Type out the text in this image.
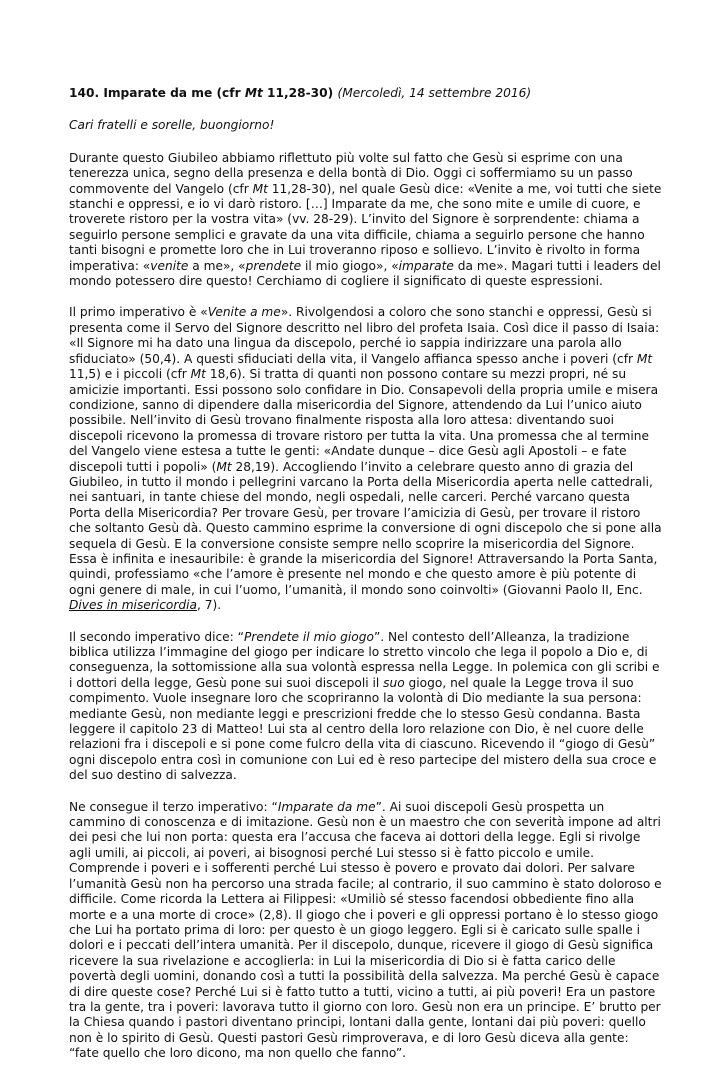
140. Imparate da me (cfr Mt 11,28-30) (Mercoledì, 14 settembre 2016)

Cari fratelli e sorelle, buongiorno!

Durante questo Giubileo abbiamo riflettuto più volte sul fatto che Gesù si esprime con una tenerezza unica, segno della presenza e della bontà di Dio. Oggi ci soffermiamo su un passo commovente del Vangelo (cfr Mt 11,28-30), nel quale Gesù dice: «Venite a me, voi tutti che siete stanchi e oppressi, e io vi darò ristoro. […] Imparate da me, che sono mite e umile di cuore, e troverete ristoro per la vostra vita» (vv. 28-29). L’invito del Signore è sorprendente: chiama a seguirlo persone semplici e gravate da una vita difficile, chiama a seguirlo persone che hanno tanti bisogni e promette loro che in Lui troveranno riposo e sollievo. L’invito è rivolto in forma imperativa: «venite a me», «prendete il mio giogo», «imparate da me». Magari tutti i leaders del mondo potessero dire questo! Cerchiamo di cogliere il significato di queste espressioni.

Il primo imperativo è «Venite a me». Rivolgendosi a coloro che sono stanchi e oppressi, Gesù si presenta come il Servo del Signore descritto nel libro del profeta Isaia. Così dice il passo di Isaia: «Il Signore mi ha dato una lingua da discepolo, perché io sappia indirizzare una parola allo sfiduciato» (50,4). A questi sfiduciati della vita, il Vangelo affianca spesso anche i poveri (cfr Mt 11,5) e i piccoli (cfr Mt 18,6). Si tratta di quanti non possono contare su mezzi propri, né su amicizie importanti. Essi possono solo confidare in Dio. Consapevoli della propria umile e misera condizione, sanno di dipendere dalla misericordia del Signore, attendendo da Lui l’unico aiuto possibile. Nell’invito di Gesù trovano finalmente risposta alla loro attesa: diventando suoi discepoli ricevono la promessa di trovare ristoro per tutta la vita. Una promessa che al termine del Vangelo viene estesa a tutte le genti: «Andate dunque – dice Gesù agli Apostoli – e fate discepoli tutti i popoli» (Mt 28,19). Accogliendo l’invito a celebrare questo anno di grazia del Giubileo, in tutto il mondo i pellegrini varcano la Porta della Misericordia aperta nelle cattedrali, nei santuari, in tante chiese del mondo, negli ospedali, nelle carceri. Perché varcano questa Porta della Misericordia? Per trovare Gesù, per trovare l’amicizia di Gesù, per trovare il ristoro che soltanto Gesù dà. Questo cammino esprime la conversione di ogni discepolo che si pone alla sequela di Gesù. E la conversione consiste sempre nello scoprire la misericordia del Signore. Essa è infinita e inesauribile: è grande la misericordia del Signore! Attraversando la Porta Santa, quindi, professiamo «che l’amore è presente nel mondo e che questo amore è più potente di ogni genere di male, in cui l’uomo, l’umanità, il mondo sono coinvolti» (Giovanni Paolo II, Enc. Dives in misericordia, 7).

Il secondo imperativo dice: “Prendete il mio giogo”. Nel contesto dell’Alleanza, la tradizione biblica utilizza l’immagine del giogo per indicare lo stretto vincolo che lega il popolo a Dio e, di conseguenza, la sottomissione alla sua volontà espressa nella Legge. In polemica con gli scribi e i dottori della legge, Gesù pone sui suoi discepoli il suo giogo, nel quale la Legge trova il suo compimento. Vuole insegnare loro che scopriranno la volontà di Dio mediante la sua persona: mediante Gesù, non mediante leggi e prescrizioni fredde che lo stesso Gesù condanna. Basta leggere il capitolo 23 di Matteo! Lui sta al centro della loro relazione con Dio, è nel cuore delle relazioni fra i discepoli e si pone come fulcro della vita di ciascuno. Ricevendo il “giogo di Gesù” ogni discepolo entra così in comunione con Lui ed è reso partecipe del mistero della sua croce e del suo destino di salvezza.

Ne consegue il terzo imperativo: “Imparate da me”. Ai suoi discepoli Gesù prospetta un cammino di conoscenza e di imitazione. Gesù non è un maestro che con severità impone ad altri dei pesi che lui non porta: questa era l’accusa che faceva ai dottori della legge. Egli si rivolge agli umili, ai piccoli, ai poveri, ai bisognosi perché Lui stesso si è fatto piccolo e umile. Comprende i poveri e i sofferenti perché Lui stesso è povero e provato dai dolori. Per salvare l’umanità Gesù non ha percorso una strada facile; al contrario, il suo cammino è stato doloroso e difficile. Come ricorda la Lettera ai Filippesi: «Umiliò sé stesso facendosi obbediente fino alla morte e a una morte di croce» (2,8). Il giogo che i poveri e gli oppressi portano è lo stesso giogo che Lui ha portato prima di loro: per questo è un giogo leggero. Egli si è caricato sulle spalle i dolori e i peccati dell’intera umanità. Per il discepolo, dunque, ricevere il giogo di Gesù significa ricevere la sua rivelazione e accoglierla: in Lui la misericordia di Dio si è fatta carico delle povertà degli uomini, donando così a tutti la possibilità della salvezza. Ma perché Gesù è capace di dire queste cose? Perché Lui si è fatto tutto a tutti, vicino a tutti, ai più poveri! Era un pastore tra la gente, tra i poveri: lavorava tutto il giorno con loro. Gesù non era un principe. E’ brutto per la Chiesa quando i pastori diventano principi, lontani dalla gente, lontani dai più poveri: quello non è lo spirito di Gesù. Questi pastori Gesù rimproverava, e di loro Gesù diceva alla gente: “fate quello che loro dicono, ma non quello che fanno”.
